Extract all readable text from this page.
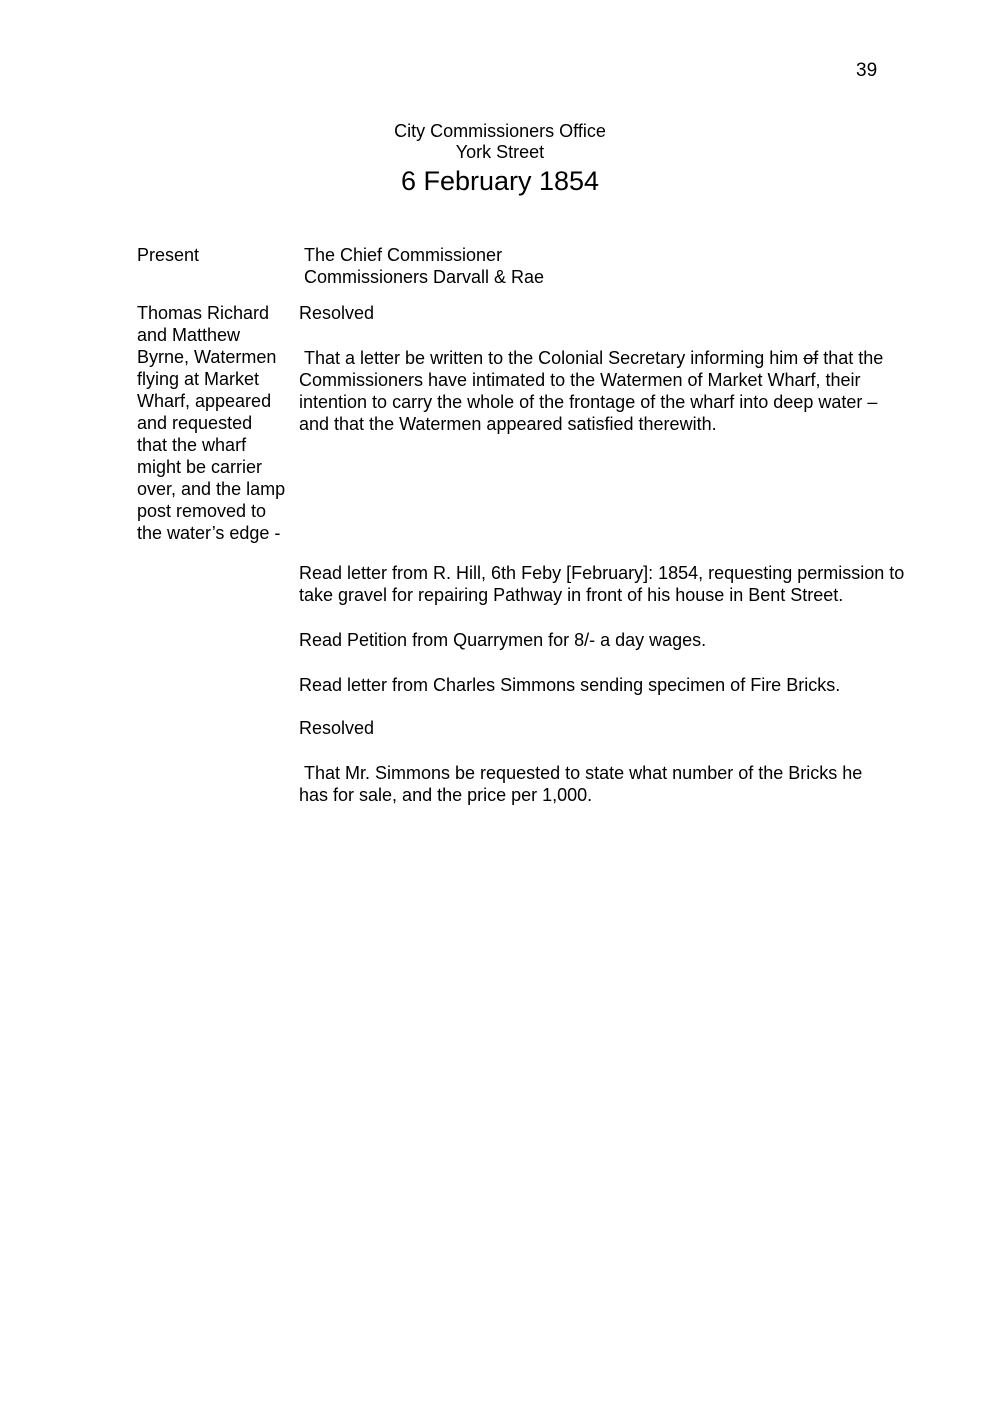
39
City Commissioners Office
York Street
6 February 1854
Present	The Chief Commissioner
Commissioners Darvall & Rae
Thomas Richard
and Matthew
Byrne, Watermen
flying at Market
Wharf, appeared
and requested
that the wharf
might be carrier
over, and the lamp
post removed to
the water’s edge -
Resolved
That a letter be written to the Colonial Secretary informing him of that the
Commissioners have intimated to the Watermen of Market Wharf, their
intention to carry the whole of the frontage of the wharf into deep water –
and that the Watermen appeared satisfied therewith.
Read letter from R. Hill, 6th Feby [February]: 1854, requesting permission to
take gravel for repairing Pathway in front of his house in Bent Street.
Read Petition from Quarrymen for 8/- a day wages.
Read letter from Charles Simmons sending specimen of Fire Bricks.
Resolved
That Mr. Simmons be requested to state what number of the Bricks he
has for sale, and the price per 1,000.
